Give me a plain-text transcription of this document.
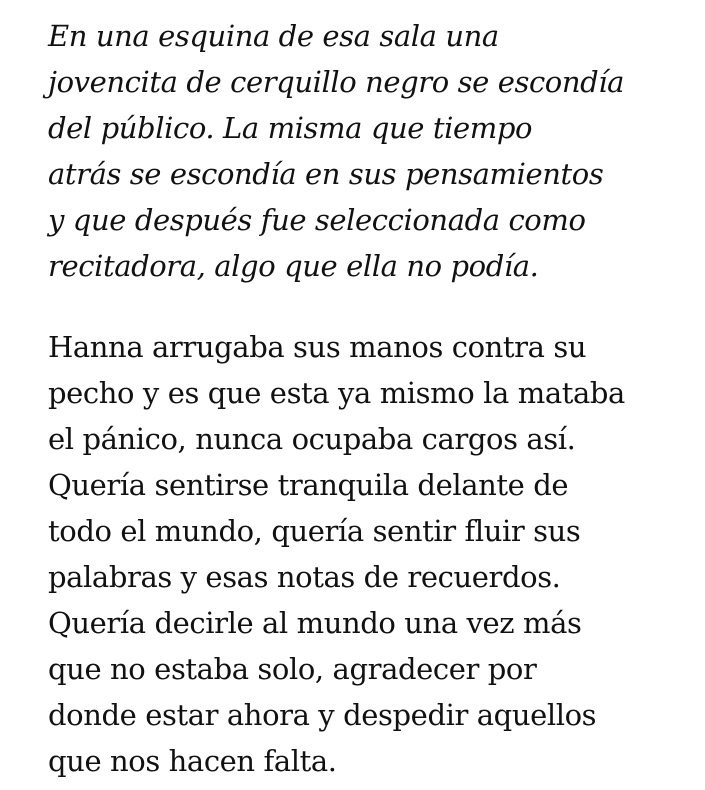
En una esquina de esa sala una
jovencita de cerquillo negro se escondía
del público. La misma que tiempo
atrás se escondía en sus pensamientos
y que después fue seleccionada como
recitadora, algo que ella no podía.

Hanna arrugaba sus manos contra su
pecho y es que esta ya mismo la mataba
el pánico, nunca ocupaba cargos así.
Quería sentirse tranquila delante de
todo el mundo, quería sentir fluir sus
palabras y esas notas de recuerdos.
Quería decirle al mundo una vez más
que no estaba solo, agradecer por
donde estar ahora y despedir aquellos
que nos hacen falta.
